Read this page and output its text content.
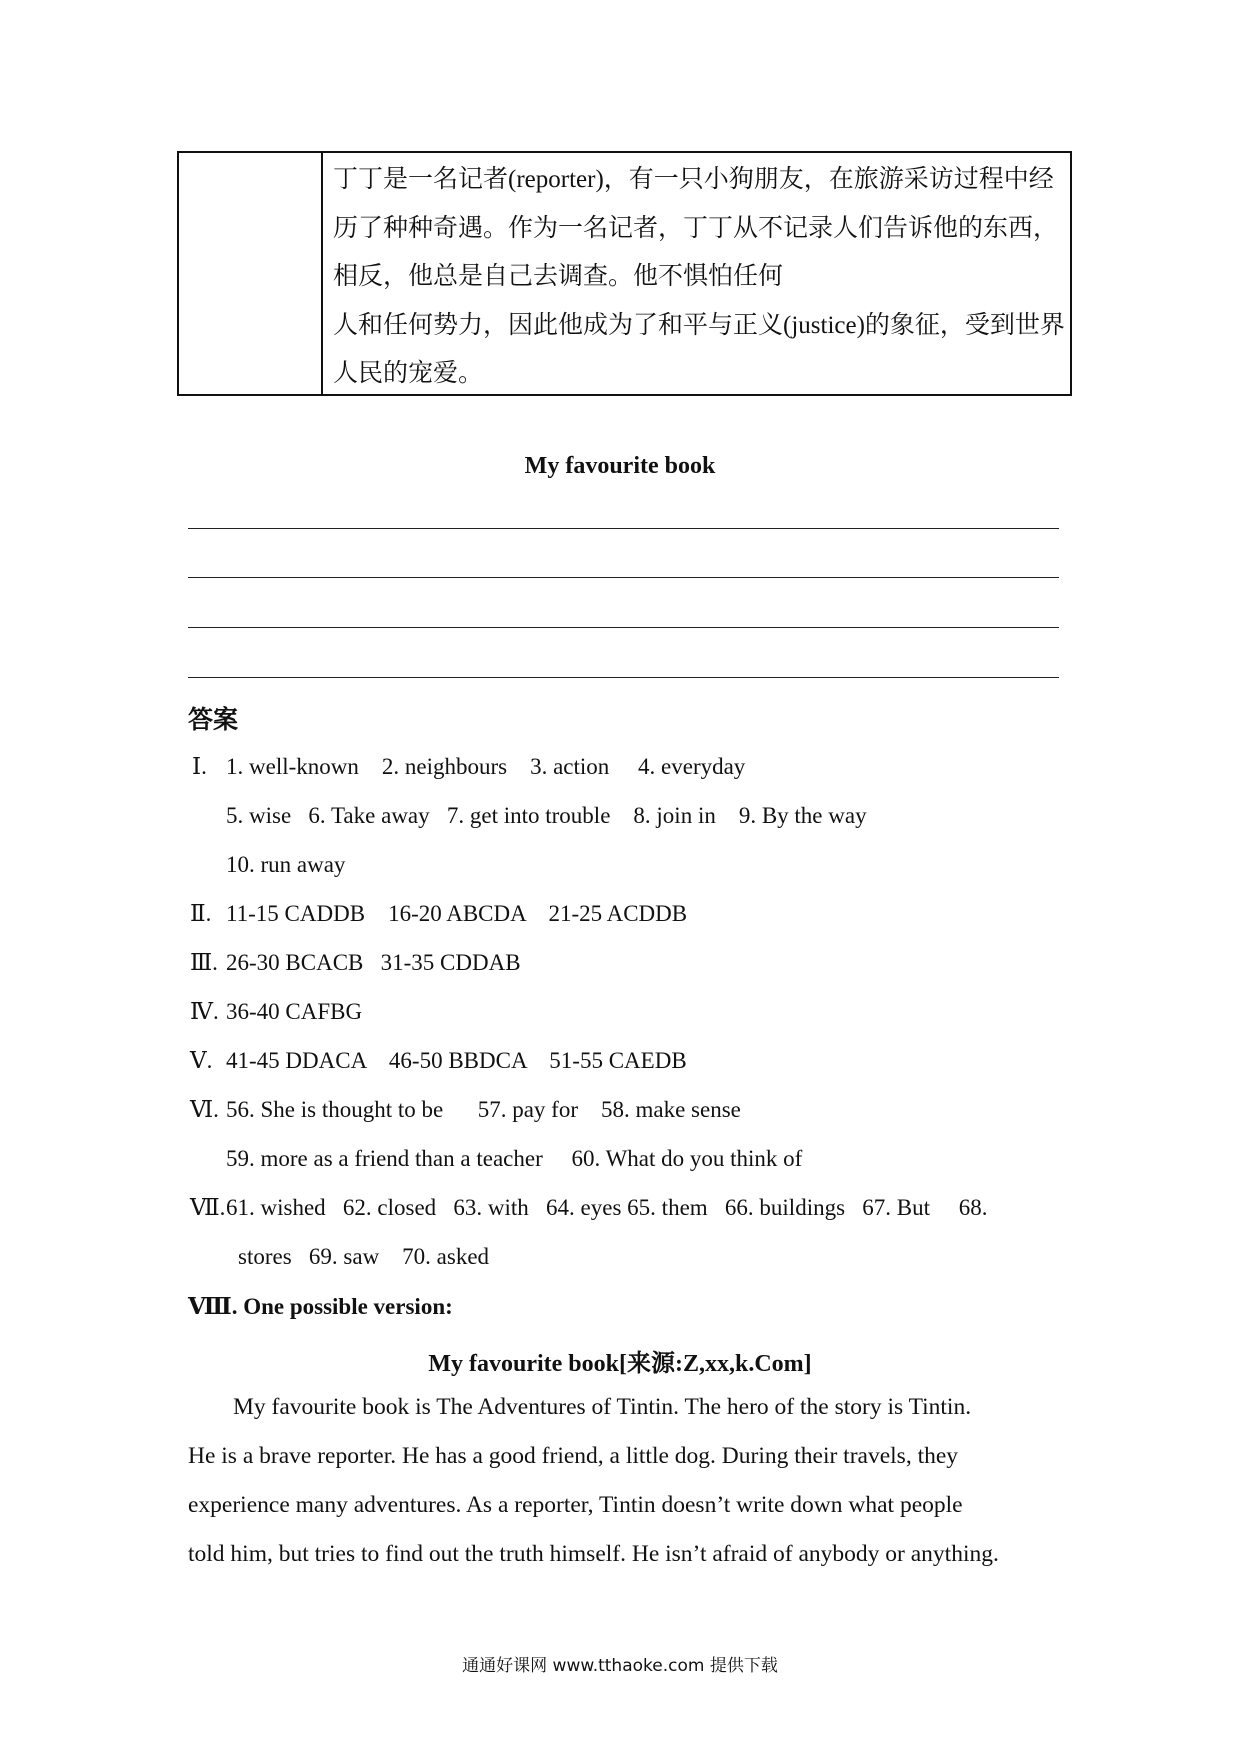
丁丁是一名记者(reporter)，有一只小狗朋友，在旅游采访过程中经
历了种种奇遇。作为一名记者，丁丁从不记录人们告诉他的东西，
相反，他总是自己去调查。他不惧怕任何
人和任何势力，因此他成为了和平与正义(justice)的象征，受到世界
人民的宠爱。
My favourite book
答案
Ⅰ. 1. well-known    2. neighbours    3. action     4. everyday
5. wise   6. Take away   7. get into trouble    8. join in    9. By the way
10. run away
Ⅱ. 11-15 CADDB    16-20 ABCDA    21-25 ACDDB
Ⅲ. 26-30 BCACB   31-35 CDDAB
Ⅳ. 36-40 CAFBG
Ⅴ. 41-45 DDACA    46-50 BBDCA    51-55 CAEDB
Ⅵ. 56. She is thought to be      57. pay for    58. make sense
59. more as a friend than a teacher     60. What do you think of
Ⅶ.61. wished   62. closed   63. with   64. eyes 65. them   66. buildings   67. But     68.
stores   69. saw    70. asked
Ⅷ. One possible version:
My favourite book[来源:Z,xx,k.Com]
My favourite book is The Adventures of Tintin. The hero of the story is Tintin.
He is a brave reporter. He has a good friend, a little dog. During their travels, they
experience many adventures. As a reporter, Tintin doesn’t write down what people
told him, but tries to find out the truth himself. He isn’t afraid of anybody or anything.
通通好课网 www.tthaoke.com 提供下载
